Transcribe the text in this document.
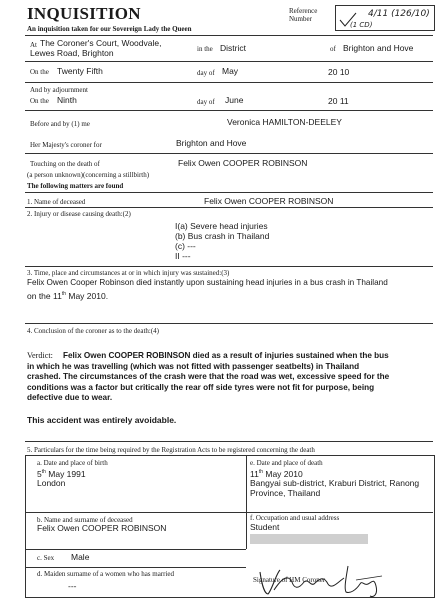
INQUISITION
An inquisition taken for our Sovereign Lady the Queen
Reference
Number	4/11 (126/10)
(1 CD)
At The Coroner's Court, Woodvale,
Lewes Road, Brighton	in the District	of Brighton and Hove
On the Twenty Fifth	day of May	20 10
And by adjournment
On the Ninth	day of June	20 11
Before and by (1) me	Veronica HAMILTON-DEELEY
Her Majesty's coroner for	Brighton and Hove
Touching on the death of	Felix Owen COOPER ROBINSON
(a person unknown)(concerning a stillbirth)
The following matters are found
1. Name of deceased	Felix Owen COOPER ROBINSON
2. Injury or disease causing death:(2)
I(a) Severe head injuries
(b) Bus crash in Thailand
(c) ---
II ---
3. Time, place and circumstances at or in which injury was sustained:(3)
Felix Owen Cooper Robinson died instantly upon sustaining head injuries in a bus crash in Thailand
on the 11th May 2010.
4. Conclusion of the coroner as to the death:(4)
Verdict: Felix Owen COOPER ROBINSON died as a result of injuries sustained when the bus
in which he was travelling (which was not fitted with passenger seatbelts) in Thailand
crashed. The circumstances of the crash were that the road was wet, excessive speed for the
conditions was a factor but critically the rear off side tyres were not fit for purpose, being
defective due to wear.
This accident was entirely avoidable.
5. Particulars for the time being required by the Registration Acts to be registered concerning the death
a. Date and place of birth
5th May 1991
London
e. Date and place of death
11th May 2010
Bangyai sub-district, Kraburi District, Ranong
Province, Thailand
b. Name and surname of deceased
Felix Owen COOPER ROBINSON
f. Occupation and usual address
Student
c. Sex Male
d. Maiden surname of a women who has married
---
Signature of HM Coroner
